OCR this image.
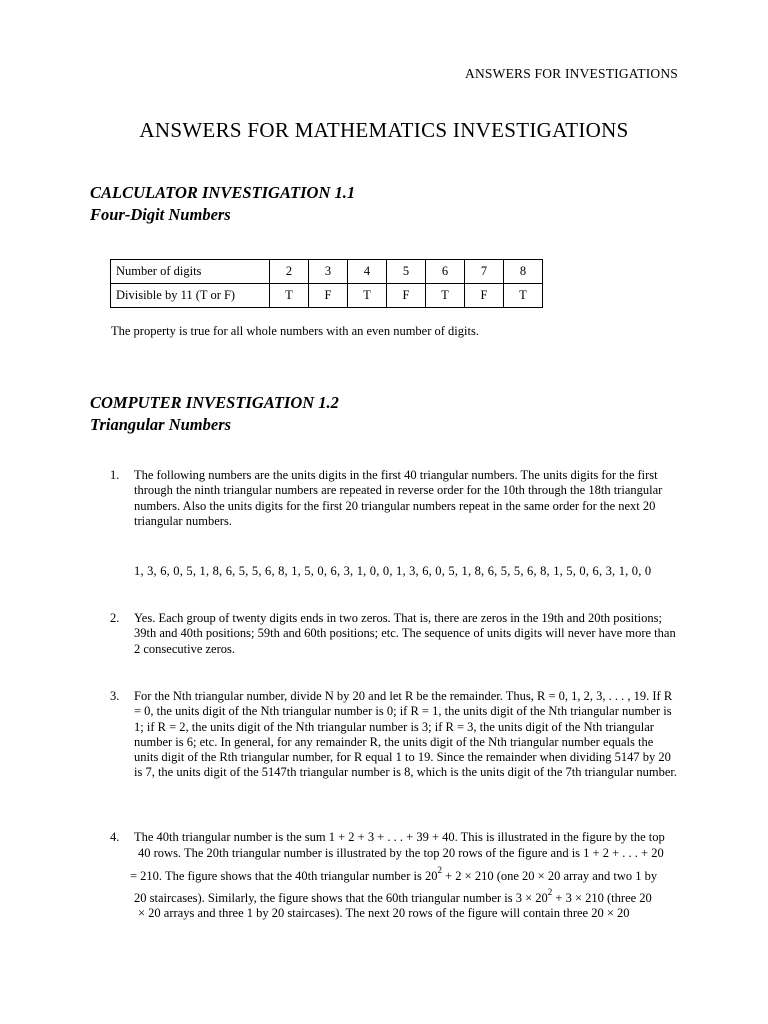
ANSWERS FOR INVESTIGATIONS
ANSWERS FOR MATHEMATICS INVESTIGATIONS
CALCULATOR INVESTIGATION 1.1
Four-Digit Numbers
Number of digits	2	3	4	5	6	7	8
Divisible by 11 (T or F)	T	F	T	F	T	F	T
The property is true for all whole numbers with an even number of digits.
COMPUTER INVESTIGATION 1.2
Triangular Numbers
1.	The following numbers are the units digits in the first 40 triangular numbers. The units digits for the first through the ninth triangular numbers are repeated in reverse order for the 10th through the 18th triangular numbers. Also the units digits for the first 20 triangular numbers repeat in the same order for the next 20 triangular numbers.
1, 3, 6, 0, 5, 1, 8, 6, 5, 5, 6, 8, 1, 5, 0, 6, 3, 1, 0, 0, 1, 3, 6, 0, 5, 1, 8, 6, 5, 5, 6, 8, 1, 5, 0, 6, 3, 1, 0, 0
2.	Yes. Each group of twenty digits ends in two zeros. That is, there are zeros in the 19th and 20th positions; 39th and 40th positions; 59th and 60th positions; etc. The sequence of units digits will never have more than 2 consecutive zeros.
3.	For the Nth triangular number, divide N by 20 and let R be the remainder. Thus, R = 0, 1, 2, 3, . . . , 19. If R = 0, the units digit of the Nth triangular number is 0; if R = 1, the units digit of the Nth triangular number is 1; if R = 2, the units digit of the Nth triangular number is 3; if R = 3, the units digit of the Nth triangular number is 6; etc. In general, for any remainder R, the units digit of the Nth triangular number equals the units digit of the Rth triangular number, for R equal 1 to 19. Since the remainder when dividing 5147 by 20 is 7, the units digit of the 5147th triangular number is 8, which is the units digit of the 7th triangular number.
4.	The 40th triangular number is the sum 1 + 2 + 3 + . . . + 39 + 40. This is illustrated in the figure by the top
40 rows. The 20th triangular number is illustrated by the top 20 rows of the figure and is 1 + 2 + . . . + 20
= 210. The figure shows that the 40th triangular number is $20^2 + 2 \times 210$ (one 20 × 20 array and two 1 by
20 staircases). Similarly, the figure shows that the 60th triangular number is $3 \times 20^2 + 3 \times 210$ (three 20
× 20 arrays and three 1 by 20 staircases). The next 20 rows of the figure will contain three 20 × 20
